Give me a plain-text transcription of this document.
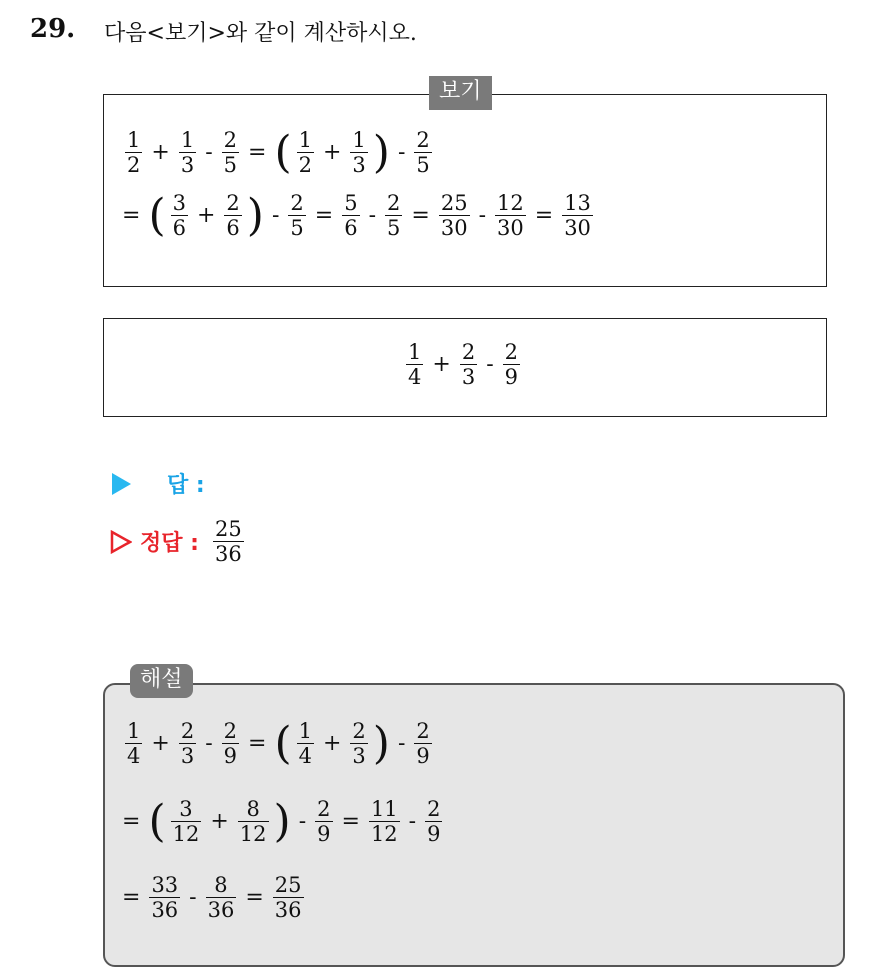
29. 다음<보기>와 같이 계산하시오.
보기
$\frac{1}{2} + \frac{1}{3} - \frac{2}{5}$ = ( $\frac{1}{2} + \frac{1}{3}$ ) - $\frac{2}{5}$
= ( $\frac{3}{6} + \frac{2}{6}$ ) - $\frac{2}{5} = \frac{5}{6} - \frac{2}{5} = \frac{25}{30} - \frac{12}{30} = \frac{13}{30}$
$\frac{1}{4} + \frac{2}{3} - \frac{2}{9}$
답 :
정답 : $\frac{25}{36}$
해설
$\frac{1}{4} + \frac{2}{3} - \frac{2}{9}$ = ( $\frac{1}{4} + \frac{2}{3}$ ) - $\frac{2}{9}$
= ( $\frac{3}{12} + \frac{8}{12}$ ) - $\frac{2}{9} = \frac{11}{12} - \frac{2}{9}$
= $\frac{33}{36} - \frac{8}{36} = \frac{25}{36}$
